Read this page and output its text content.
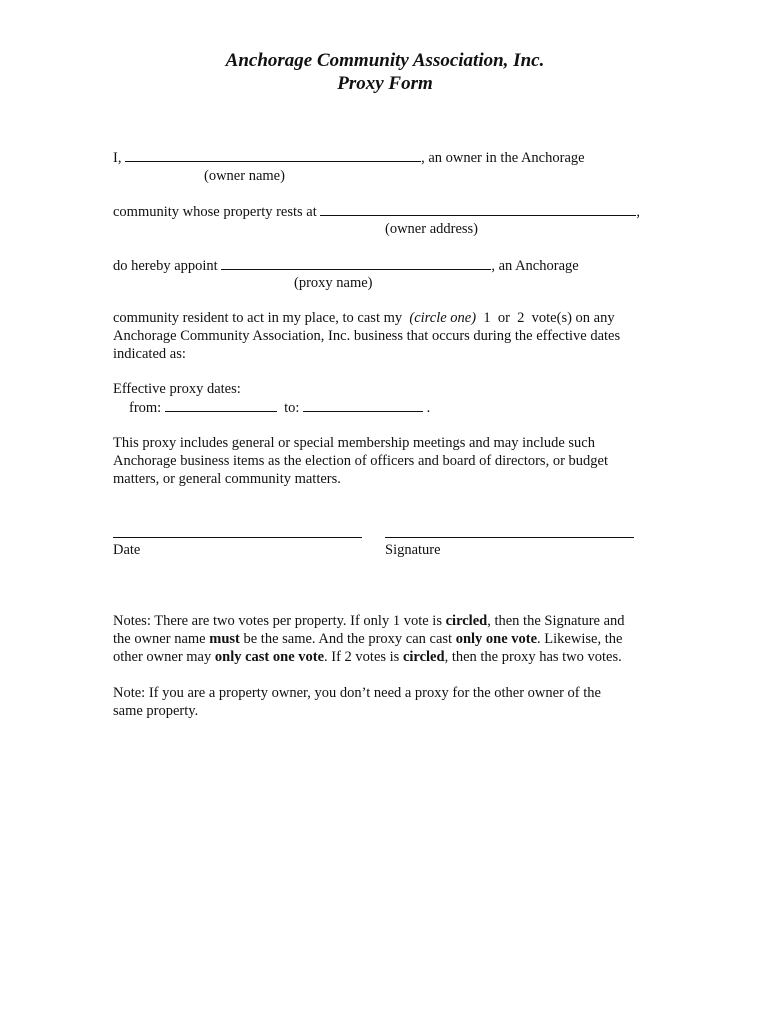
Anchorage Community Association, Inc.
Proxy Form
I,	, an owner in the Anchorage
(owner name)
community whose property rests at	,
(owner address)
do hereby appoint	, an Anchorage
(proxy name)
community resident to act in my place, to cast my (circle one) 1 or 2 vote(s) on any
Anchorage Community Association, Inc. business that occurs during the effective dates
indicated as:
Effective proxy dates:
from:	to:	.
This proxy includes general or special membership meetings and may include such
Anchorage business items as the election of officers and board of directors, or budget
matters, or general community matters.
Date	Signature
Notes: There are two votes per property. If only 1 vote is circled, then the Signature and
the owner name must be the same. And the proxy can cast only one vote. Likewise, the
other owner may only cast one vote. If 2 votes is circled, then the proxy has two votes.
Note: If you are a property owner, you don’t need a proxy for the other owner of the
same property.
